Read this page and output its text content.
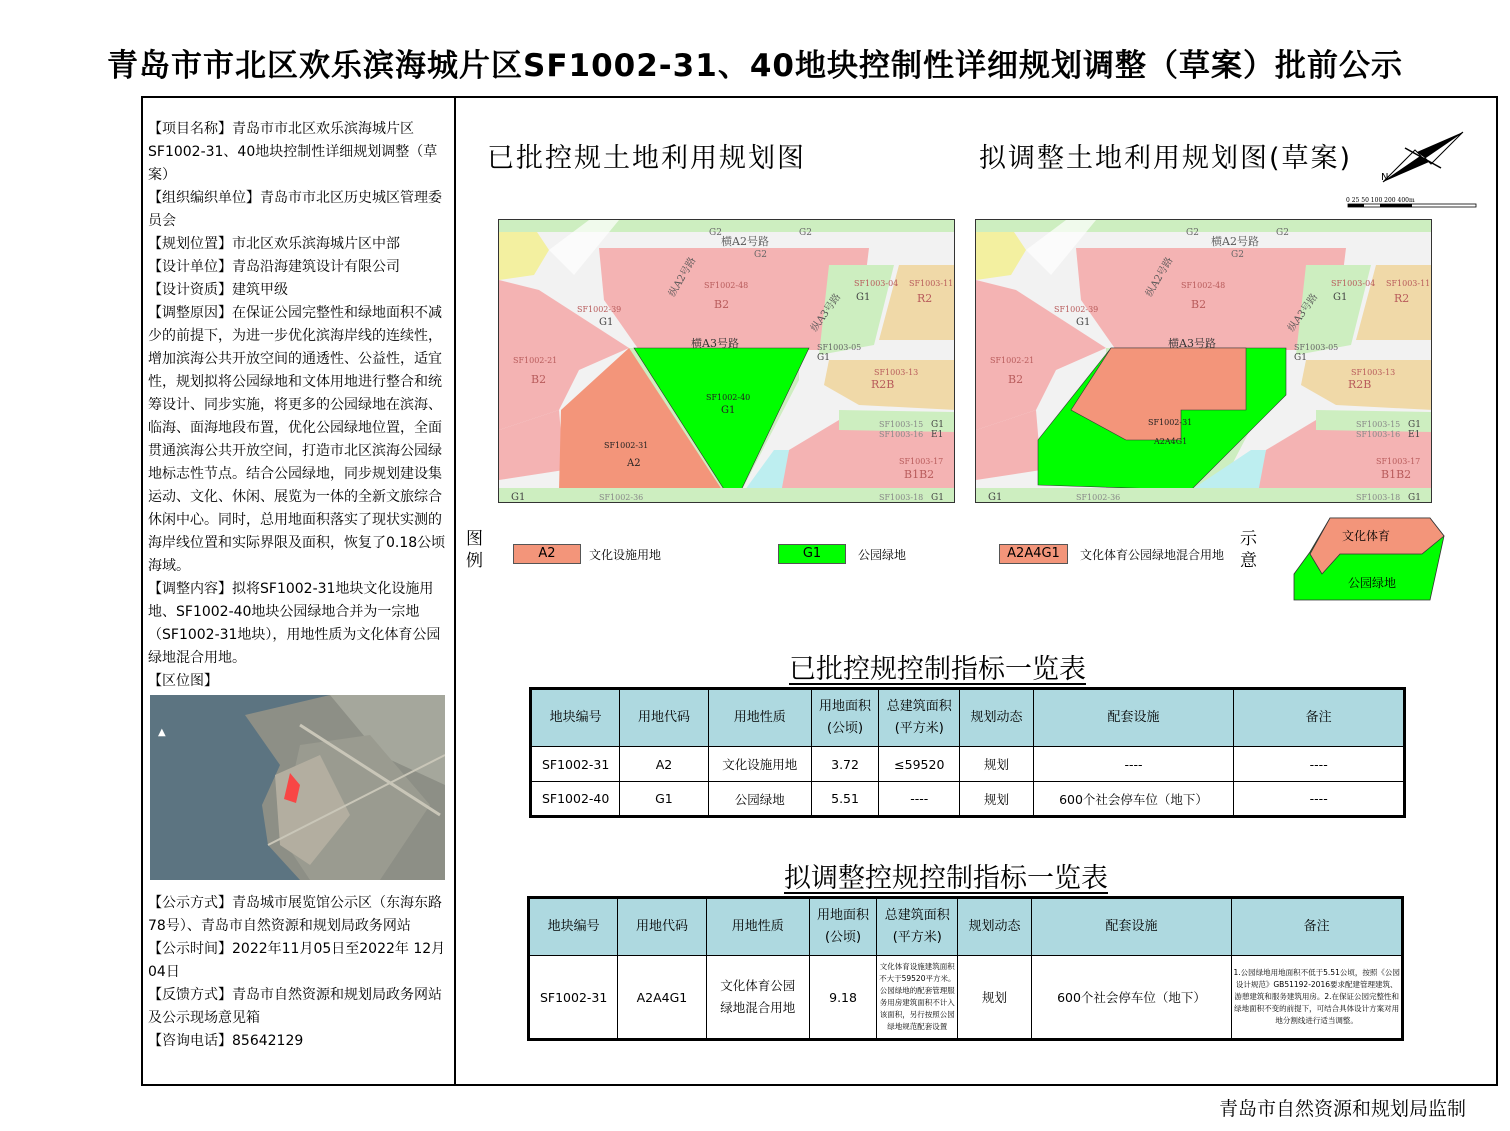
青岛市市北区欢乐滨海城片区SF1002-31、40地块控制性详细规划调整（草案）批前公示

【项目名称】青岛市市北区欢乐滨海城片区SF1002-31、40地块控制性详细规划调整（草案）

【组织编织单位】青岛市市北区历史城区管理委员会

【规划位置】市北区欢乐滨海城片区中部

【设计单位】青岛沿海建筑设计有限公司

【设计资质】建筑甲级

【调整原因】在保证公园完整性和绿地面积不减少的前提下，为进一步优化滨海岸线的连续性，增加滨海公共开放空间的通透性、公益性，适宜性，规划拟将公园绿地和文体用地进行整合和统筹设计、同步实施，将更多的公园绿地在滨海、临海、面海地段布置，优化公园绿地位置，全面贯通滨海公共开放空间，打造市北区滨海公园绿地标志性节点。结合公园绿地，同步规划建设集运动、文化、休闲、展览为一体的全新文旅综合休闲中心。同时，总用地面积落实了现状实测的海岸线位置和实际界限及面积，恢复了0.18公顷海域。

【调整内容】拟将SF1002-31地块文化设施用地、SF1002-40地块公园绿地合并为一宗地（SF1002-31地块），用地性质为文化体育公园绿地混合用地。

【区位图】

▲

【公示方式】青岛城市展览馆公示区（东海东路78号）、青岛市自然资源和规划局政务网站

【公示时间】2022年11月05日至2022年 12月04日

【反馈方式】青岛市自然资源和规划局政务网站及公示现场意见箱

【咨询电话】85642129

已批控规土地利用规划图	拟调整土地利用规划图(草案)
N
0 25 50 100 200 400m
G2	G2
横A2号路
G2
SF1002-48
B2
SF1002-39
G1
SF1002-21
B2
横A3号路
纵A2号路
纵A3号路
SF1003-04
G1
SF1003-11
R2
SF1003-05
G1
SF1003-13
R2B
SF1003-15 G1
SF1003-16 E1
SF1003-17
B1B2
SF1003-18 G1
SF1002-36
G1
SF1002-40
G1
SF1002-31
A2
G2	G2
横A2号路
G2
SF1002-48
B2
SF1002-39
G1
SF1002-21
B2
横A3号路
纵A2号路
纵A3号路
SF1003-04
G1
SF1003-11
R2
SF1003-05
G1
SF1003-13
R2B
SF1003-15 G1
SF1003-16 E1
SF1003-17
B1B2
SF1003-18 G1
SF1002-36
G1
SF1002-31
A2A4G1
图例	A2	文化设施用地	G1	公园绿地	A2A4G1	文化体育公园绿地混合用地
示意
文化体育
公园绿地
已批控规控制指标一览表
地块编号	用地代码	用地性质	用地面积(公顷)	总建筑面积(平方米)	规划动态	配套设施	备注
SF1002-31	A2	文化设施用地	3.72	≤59520	规划	----	----
SF1002-40	G1	公园绿地	5.51	----	规划	600个社会停车位（地下）	----
拟调整控规控制指标一览表
地块编号	用地代码	用地性质	用地面积(公顷)	总建筑面积(平方米)	规划动态	配套设施	备注
SF1002-31	A2A4G1	文化体育公园绿地混合用地	9.18	文化体育设施建筑面积不大于59520平方米。公园绿地的配套管理服务用房建筑面积不计入该面积，另行按照公园绿地规范配套设置	规划	600个社会停车位（地下）	1.公园绿地用地面积不低于5.51公顷，按照《公园设计规范》GB51192-2016要求配建管理建筑、游憩建筑和服务建筑用房。2.在保证公园完整性和绿地面积不变的前提下，可结合具体设计方案对用地分割线进行适当调整。
青岛市自然资源和规划局监制
